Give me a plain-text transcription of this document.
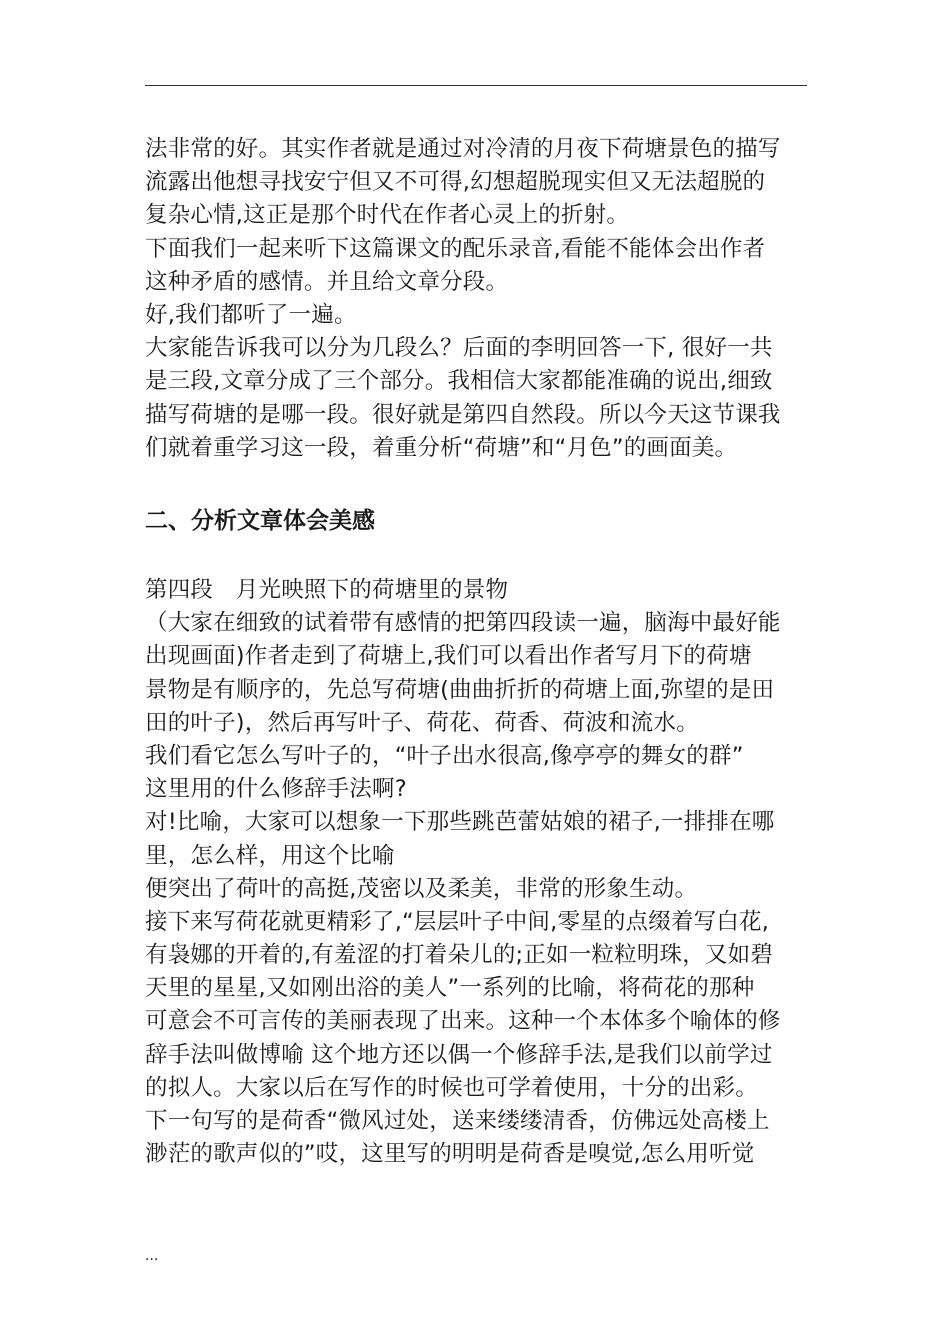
法非常的好。其实作者就是通过对冷清的月夜下荷塘景色的描写
流露出他想寻找安宁但又不可得,幻想超脱现实但又无法超脱的
复杂心情,这正是那个时代在作者心灵上的折射。
下面我们一起来听下这篇课文的配乐录音,看能不能体会出作者
这种矛盾的感情。并且给文章分段。
好,我们都听了一遍。
大家能告诉我可以分为几段么？后面的李明回答一下, 很好一共
是三段,文章分成了三个部分。我相信大家都能准确的说出,细致
描写荷塘的是哪一段。很好就是第四自然段。所以今天这节课我
们就着重学习这一段，着重分析“荷塘”和“月色”的画面美。
二、分析文章体会美感
第四段　月光映照下的荷塘里的景物
（大家在细致的试着带有感情的把第四段读一遍，脑海中最好能
出现画面)作者走到了荷塘上,我们可以看出作者写月下的荷塘
景物是有顺序的，先总写荷塘(曲曲折折的荷塘上面,弥望的是田
田的叶子)，然后再写叶子、荷花、荷香、荷波和流水。
我们看它怎么写叶子的，“叶子出水很高,像亭亭的舞女的群”
这里用的什么修辞手法啊?
对!比喻，大家可以想象一下那些跳芭蕾姑娘的裙子,一排排在哪
里，怎么样，用这个比喻
便突出了荷叶的高挺,茂密以及柔美，非常的形象生动。
接下来写荷花就更精彩了,“层层叶子中间,零星的点缀着写白花,
有袅娜的开着的,有羞涩的打着朵儿的;正如一粒粒明珠，又如碧
天里的星星,又如刚出浴的美人”一系列的比喻，将荷花的那种
可意会不可言传的美丽表现了出来。这种一个本体多个喻体的修
辞手法叫做博喻 这个地方还以偶一个修辞手法,是我们以前学过
的拟人。大家以后在写作的时候也可学着使用，十分的出彩。
下一句写的是荷香“微风过处，送来缕缕清香，仿佛远处高楼上
渺茫的歌声似的”哎，这里写的明明是荷香是嗅觉,怎么用听觉
...
